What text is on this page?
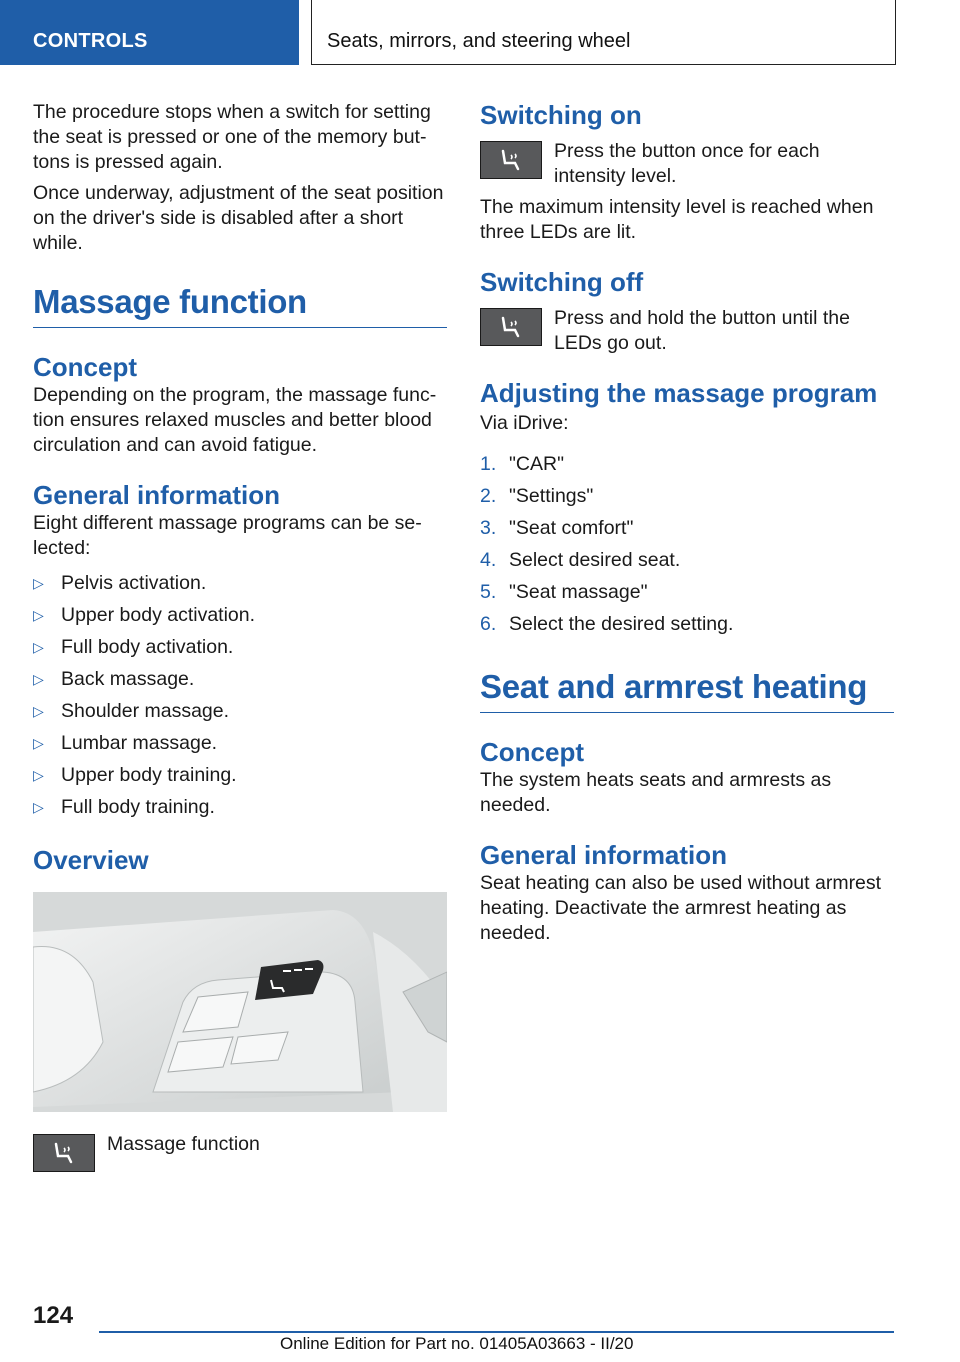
CONTROLS	Seats, mirrors, and steering wheel

The procedure stops when a switch for setting the seat is pressed or one of the memory buttons is pressed again.

Once underway, adjustment of the seat position on the driver's side is disabled after a short while.

Massage function
Concept

Depending on the program, the massage function ensures relaxed muscles and better blood circulation and can avoid fatigue.

General information

Eight different massage programs can be selected:

▷ Pelvis activation.
▷ Upper body activation.
▷ Full body activation.
▷ Back massage.
▷ Shoulder massage.
▷ Lumbar massage.
▷ Upper body training.
▷ Full body training.
Overview

Massage function

Switching on

Press the button once for each intensity level.

The maximum intensity level is reached when three LEDs are lit.

Switching off

Press and hold the button until the LEDs go out.

Adjusting the massage program

Via iDrive:

1. "CAR"
2. "Settings"
3. "Seat comfort"
4. Select desired seat.
5. "Seat massage"
6. Select the desired setting.
Seat and armrest heating
Concept

The system heats seats and armrests as needed.

General information

Seat heating can also be used without armrest heating. Deactivate the armrest heating as needed.

124
Online Edition for Part no. 01405A03663 - II/20
